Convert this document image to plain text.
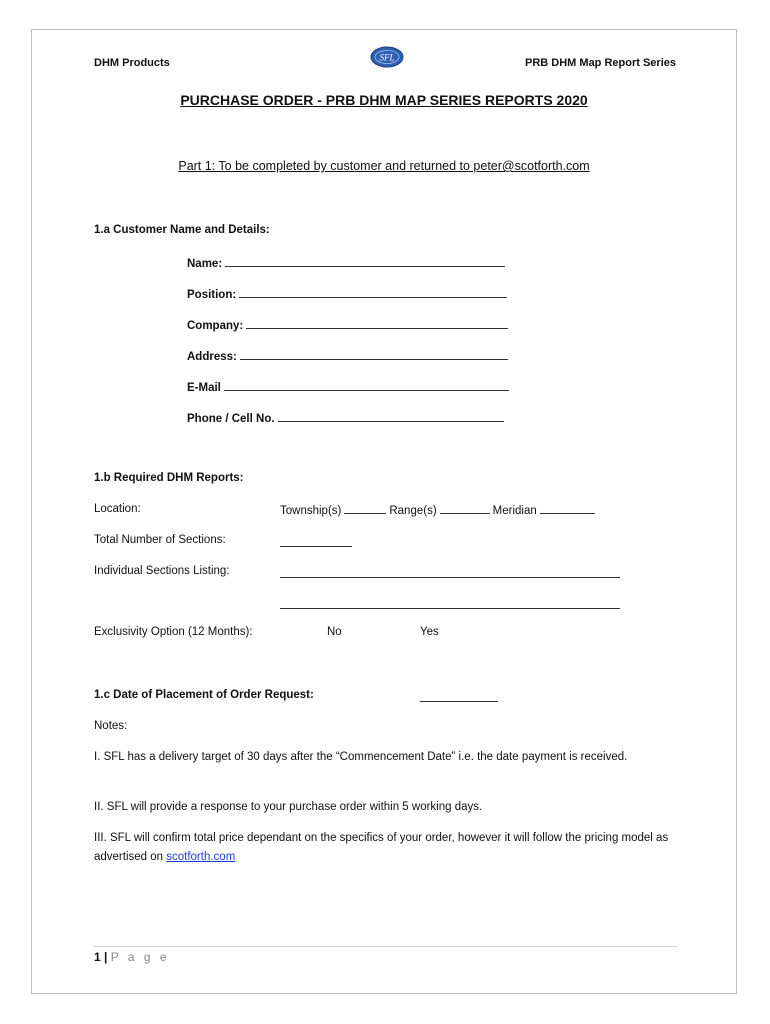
DHM Products	SFL	PRB DHM Map Report Series
PURCHASE ORDER - PRB DHM MAP SERIES REPORTS 2020
Part 1: To be completed by customer and returned to peter@scotforth.com
1.a Customer Name and Details:
Name:
Position:
Company:
Address:
E-Mail
Phone / Cell No.
1.b Required DHM Reports:
Location:	Township(s)	Range(s)	Meridian
Total Number of Sections:
Individual Sections Listing:
Exclusivity Option (12 Months):	No	Yes
1.c Date of Placement of Order Request:
Notes:
I. SFL has a delivery target of 30 days after the “Commencement Date” i.e. the date payment is received.
II. SFL will provide a response to your purchase order within 5 working days.
III. SFL will confirm total price dependant on the specifics of your order, however it will follow the pricing model as advertised on scotforth.com
1 | P a g e
